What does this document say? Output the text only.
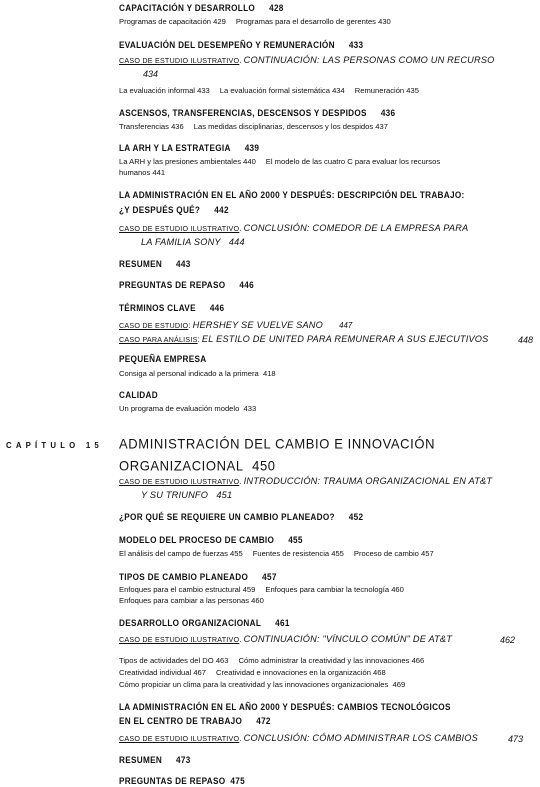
CAPACITACIÓN Y DESARROLLO 428
Programas de capacitación 429 Programas para el desarrollo de gerentes 430
EVALUACIÓN DEL DESEMPEÑO Y REMUNERACIÓN 433
CASO DE ESTUDIO ILUSTRATIVO. CONTINUACIÓN: LAS PERSONAS COMO UN RECURSO
434
La evaluación informal 433 La evaluación formal sistemática 434 Remuneración 435
ASCENSOS, TRANSFERENCIAS, DESCENSOS Y DESPIDOS 436
Transferencias 436 Las medidas disciplinarias, descensos y los despidos 437
LA ARH Y LA ESTRATEGIA 439
La ARH y las presiones ambientales 440 El modelo de las cuatro C para evaluar los recursos
humanos 441
LA ADMINISTRACIÓN EN EL AÑO 2000 Y DESPUÉS: DESCRIPCIÓN DEL TRABAJO:
¿Y DESPUÉS QUÉ? 442
CASO DE ESTUDIO ILUSTRATIVO. CONCLUSIÓN: COMEDOR DE LA EMPRESA PARA
LA FAMILIA SONY 444
RESUMEN 443
PREGUNTAS DE REPASO 446
TÉRMINOS CLAVE 446
CASO DE ESTUDIO: HERSHEY SE VUELVE SANO 447
CASO PARA ANÁLISIS: EL ESTILO DE UNITED PARA REMUNERAR A SUS EJECUTIVOS	448
PEQUEÑA EMPRESA
Consiga al personal indicado a la primera 418
CALIDAD
Un programa de evaluación modelo 433
CAPÍTULO 15 ADMINISTRACIÓN DEL CAMBIO E INNOVACIÓN
ORGANIZACIONAL 450
CASO DE ESTUDIO ILUSTRATIVO. INTRODUCCIÓN: TRAUMA ORGANIZACIONAL EN AT&T
Y SU TRIUNFO 451
¿POR QUÉ SE REQUIERE UN CAMBIO PLANEADO? 452
MODELO DEL PROCESO DE CAMBIO 455
El análisis del campo de fuerzas 455 Fuentes de resistencia 455 Proceso de cambio 457
TIPOS DE CAMBIO PLANEADO 457
Enfoques para el cambio estructural 459 Enfoques para cambiar la tecnología 460
Enfoques para cambiar a las personas 460
DESARROLLO ORGANIZACIONAL 461
CASO DE ESTUDIO ILUSTRATIVO. CONTINUACIÓN: "VÍNCULO COMÚN" DE AT&T	462
Tipos de actividades del DO 463 Cómo administrar la creatividad y las innovaciones 466
Creatividad individual 467 Creatividad e innovaciones en la organización 468
Cómo propiciar un clima para la creatividad y las innovaciones organizacionales 469
LA ADMINISTRACIÓN EN EL AÑO 2000 Y DESPUÉS: CAMBIOS TECNOLÓGICOS
EN EL CENTRO DE TRABAJO 472
CASO DE ESTUDIO ILUSTRATIVO. CONCLUSIÓN: CÓMO ADMINISTRAR LOS CAMBIOS	473
RESUMEN 473
PREGUNTAS DE REPASO 475
